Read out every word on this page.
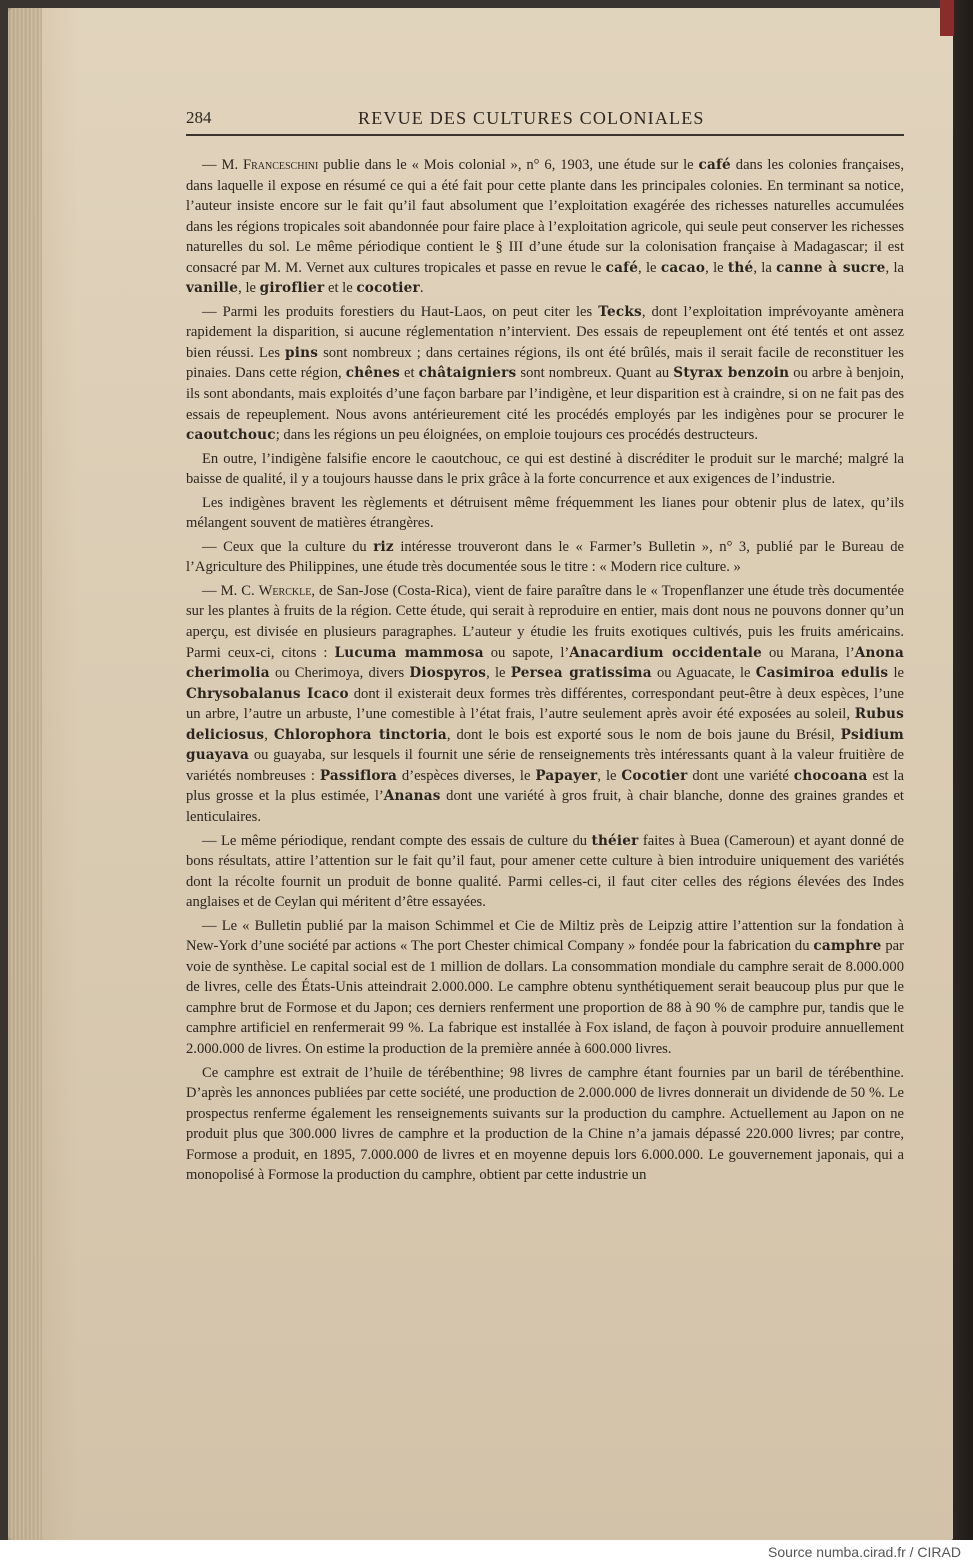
284	REVUE DES CULTURES COLONIALES

— M. Franceschini publie dans le « Mois colonial », n° 6, 1903, une étude sur le café dans les colonies françaises, dans laquelle il expose en résumé ce qui a été fait pour cette plante dans les principales colonies. En terminant sa notice, l’auteur insiste encore sur le fait qu’il faut absolument que l’exploitation exagérée des richesses naturelles accumulées dans les régions tropicales soit abandonnée pour faire place à l’exploitation agricole, qui seule peut conserver les richesses naturelles du sol. Le même périodique contient le § III d’une étude sur la colonisation française à Madagascar; il est consacré par M. M. Vernet aux cultures tropicales et passe en revue le café, le cacao, le thé, la canne à sucre, la vanille, le giroflier et le cocotier.

— Parmi les produits forestiers du Haut-Laos, on peut citer les Tecks, dont l’exploitation imprévoyante amènera rapidement la disparition, si aucune réglementation n’intervient. Des essais de repeuplement ont été tentés et ont assez bien réussi. Les pins sont nombreux ; dans certaines régions, ils ont été brûlés, mais il serait facile de reconstituer les pinaies. Dans cette région, chênes et châtaigniers sont nombreux. Quant au Styrax benzoin ou arbre à benjoin, ils sont abondants, mais exploités d’une façon barbare par l’indigène, et leur disparition est à craindre, si on ne fait pas des essais de repeuplement. Nous avons antérieurement cité les procédés employés par les indigènes pour se procurer le caoutchouc; dans les régions un peu éloignées, on emploie toujours ces procédés destructeurs.

En outre, l’indigène falsifie encore le caoutchouc, ce qui est destiné à discréditer le produit sur le marché; malgré la baisse de qualité, il y a toujours hausse dans le prix grâce à la forte concurrence et aux exigences de l’industrie.

Les indigènes bravent les règlements et détruisent même fréquemment les lianes pour obtenir plus de latex, qu’ils mélangent souvent de matières étrangères.

— Ceux que la culture du riz intéresse trouveront dans le « Farmer’s Bulletin », n° 3, publié par le Bureau de l’Agriculture des Philippines, une étude très documentée sous le titre : « Modern rice culture. »

— M. C. Werckle, de San-Jose (Costa-Rica), vient de faire paraître dans le « Tropenflanzer une étude très documentée sur les plantes à fruits de la région. Cette étude, qui serait à reproduire en entier, mais dont nous ne pouvons donner qu’un aperçu, est divisée en plusieurs paragraphes. L’auteur y étudie les fruits exotiques cultivés, puis les fruits américains. Parmi ceux-ci, citons : Lucuma mammosa ou sapote, l’Anacardium occidentale ou Marana, l’Anona cherimolia ou Cherimoya, divers Diospyros, le Persea gratissima ou Aguacate, le Casimiroa edulis le Chrysobalanus Icaco dont il existerait deux formes très différentes, correspondant peut-être à deux espèces, l’une un arbre, l’autre un arbuste, l’une comestible à l’état frais, l’autre seulement après avoir été exposées au soleil, Rubus deliciosus, Chlorophora tinctoria, dont le bois est exporté sous le nom de bois jaune du Brésil, Psidium guayava ou guayaba, sur lesquels il fournit une série de renseignements très intéressants quant à la valeur fruitière de variétés nombreuses : Passiflora d’espèces diverses, le Papayer, le Cocotier dont une variété chocoana est la plus grosse et la plus estimée, l’Ananas dont une variété à gros fruit, à chair blanche, donne des graines grandes et lenticulaires.

— Le même périodique, rendant compte des essais de culture du théier faites à Buea (Cameroun) et ayant donné de bons résultats, attire l’attention sur le fait qu’il faut, pour amener cette culture à bien introduire uniquement des variétés dont la récolte fournit un produit de bonne qualité. Parmi celles-ci, il faut citer celles des régions élevées des Indes anglaises et de Ceylan qui méritent d’être essayées.

— Le « Bulletin publié par la maison Schimmel et Cie de Miltiz près de Leipzig attire l’attention sur la fondation à New-York d’une société par actions « The port Chester chimical Company » fondée pour la fabrication du camphre par voie de synthèse. Le capital social est de 1 million de dollars. La consommation mondiale du camphre serait de 8.000.000 de livres, celle des États-Unis atteindrait 2.000.000. Le camphre obtenu synthétiquement serait beaucoup plus pur que le camphre brut de Formose et du Japon; ces derniers renferment une proportion de 88 à 90 % de camphre pur, tandis que le camphre artificiel en renfermerait 99 %. La fabrique est installée à Fox island, de façon à pouvoir produire annuellement 2.000.000 de livres. On estime la production de la première année à 600.000 livres.

Ce camphre est extrait de l’huile de térébenthine; 98 livres de camphre étant fournies par un baril de térébenthine. D’après les annonces publiées par cette société, une production de 2.000.000 de livres donnerait un dividende de 50 %. Le prospectus renferme également les renseignements suivants sur la production du camphre. Actuellement au Japon on ne produit plus que 300.000 livres de camphre et la production de la Chine n’a jamais dépassé 220.000 livres; par contre, Formose a produit, en 1895, 7.000.000 de livres et en moyenne depuis lors 6.000.000. Le gouvernement japonais, qui a monopolisé à Formose la production du camphre, obtient par cette industrie un

Source numba.cirad.fr / CIRAD
